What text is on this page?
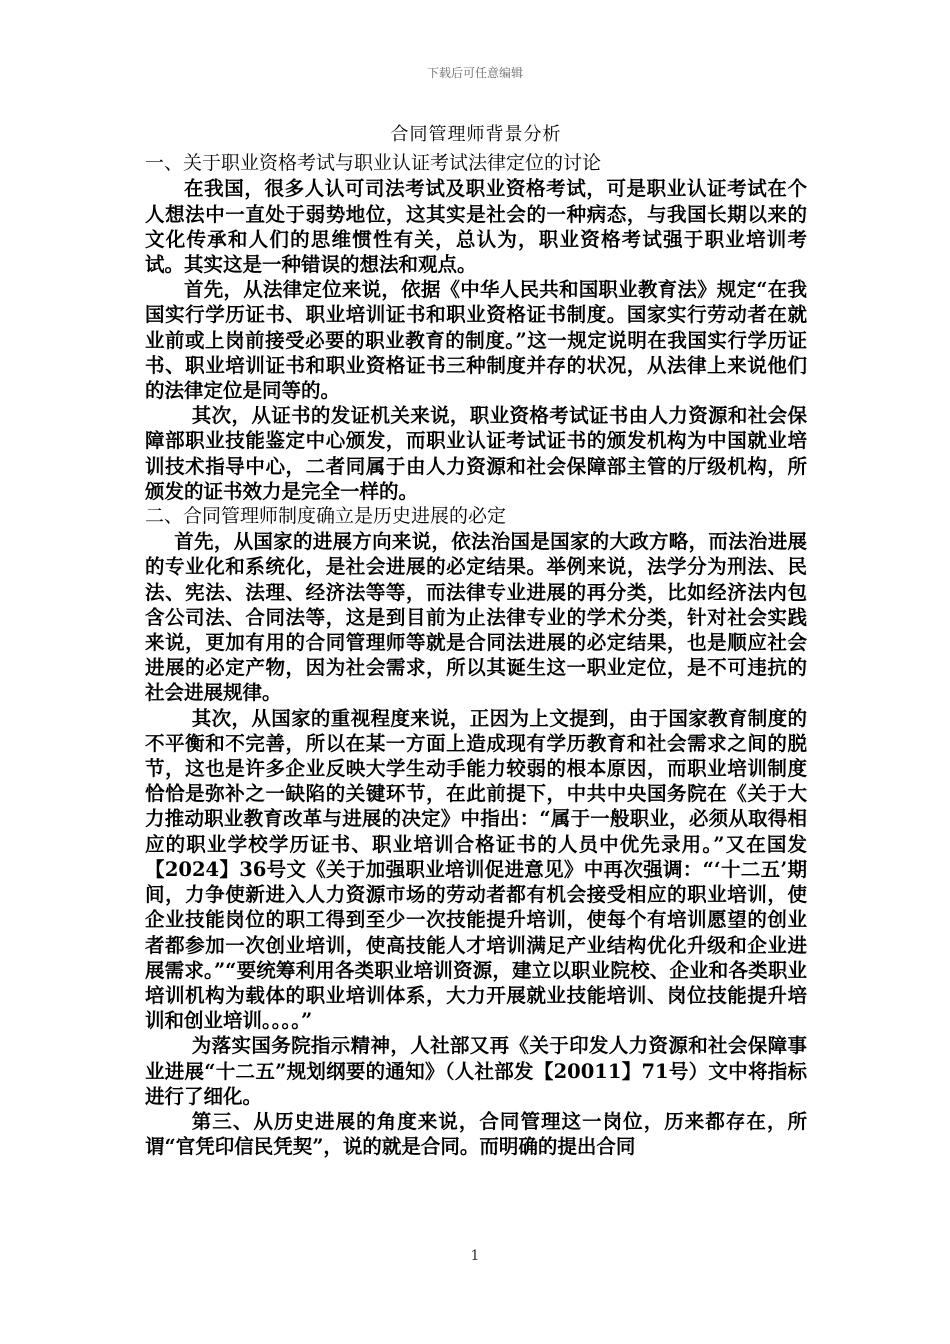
下载后可任意编辑
合同管理师背景分析
一、关于职业资格考试与职业认证考试法律定位的讨论

在我国，很多人认可司法考试及职业资格考试，可是职业认证考试在个人想法中一直处于弱势地位，这其实是社会的一种病态，与我国长期以来的文化传承和人们的思维惯性有关，总认为，职业资格考试强于职业培训考试。其实这是一种错误的想法和观点。

首先，从法律定位来说，依据《中华人民共和国职业教育法》规定“在我国实行学历证书、职业培训证书和职业资格证书制度。国家实行劳动者在就业前或上岗前接受必要的职业教育的制度。”这一规定说明在我国实行学历证书、职业培训证书和职业资格证书三种制度并存的状况，从法律上来说他们的法律定位是同等的。

其次，从证书的发证机关来说，职业资格考试证书由人力资源和社会保障部职业技能鉴定中心颁发，而职业认证考试证书的颁发机构为中国就业培训技术指导中心，二者同属于由人力资源和社会保障部主管的厅级机构，所颁发的证书效力是完全一样的。

二、合同管理师制度确立是历史进展的必定

首先，从国家的进展方向来说，依法治国是国家的大政方略，而法治进展的专业化和系统化，是社会进展的必定结果。举例来说，法学分为刑法、民法、宪法、法理、经济法等等，而法律专业进展的再分类，比如经济法内包含公司法、合同法等，这是到目前为止法律专业的学术分类，针对社会实践来说，更加有用的合同管理师等就是合同法进展的必定结果，也是顺应社会进展的必定产物，因为社会需求，所以其诞生这一职业定位，是不可违抗的社会进展规律。

其次，从国家的重视程度来说，正因为上文提到，由于国家教育制度的不平衡和不完善，所以在某一方面上造成现有学历教育和社会需求之间的脱节，这也是许多企业反映大学生动手能力较弱的根本原因，而职业培训制度恰恰是弥补之一缺陷的关键环节，在此前提下，中共中央国务院在《关于大力推动职业教育改革与进展的决定》中指出：“属于一般职业，必须从取得相应的职业学校学历证书、职业培训合格证书的人员中优先录用。”又在国发【2024】36号文《关于加强职业培训促进意见》中再次强调：“‘十二五’期间，力争使新进入人力资源市场的劳动者都有机会接受相应的职业培训，使企业技能岗位的职工得到至少一次技能提升培训，使每个有培训愿望的创业者都参加一次创业培训，使高技能人才培训满足产业结构优化升级和企业进展需求。”“要统筹利用各类职业培训资源，建立以职业院校、企业和各类职业培训机构为载体的职业培训体系，大力开展就业技能培训、岗位技能提升培训和创业培训。。。。”

为落实国务院指示精神，人社部又再《关于印发人力资源和社会保障事业进展“十二五”规划纲要的通知》（人社部发【20011】71号）文中将指标进行了细化。

第三、从历史进展的角度来说，合同管理这一岗位，历来都存在，所谓“官凭印信民凭契”，说的就是合同。而明确的提出合同

1
